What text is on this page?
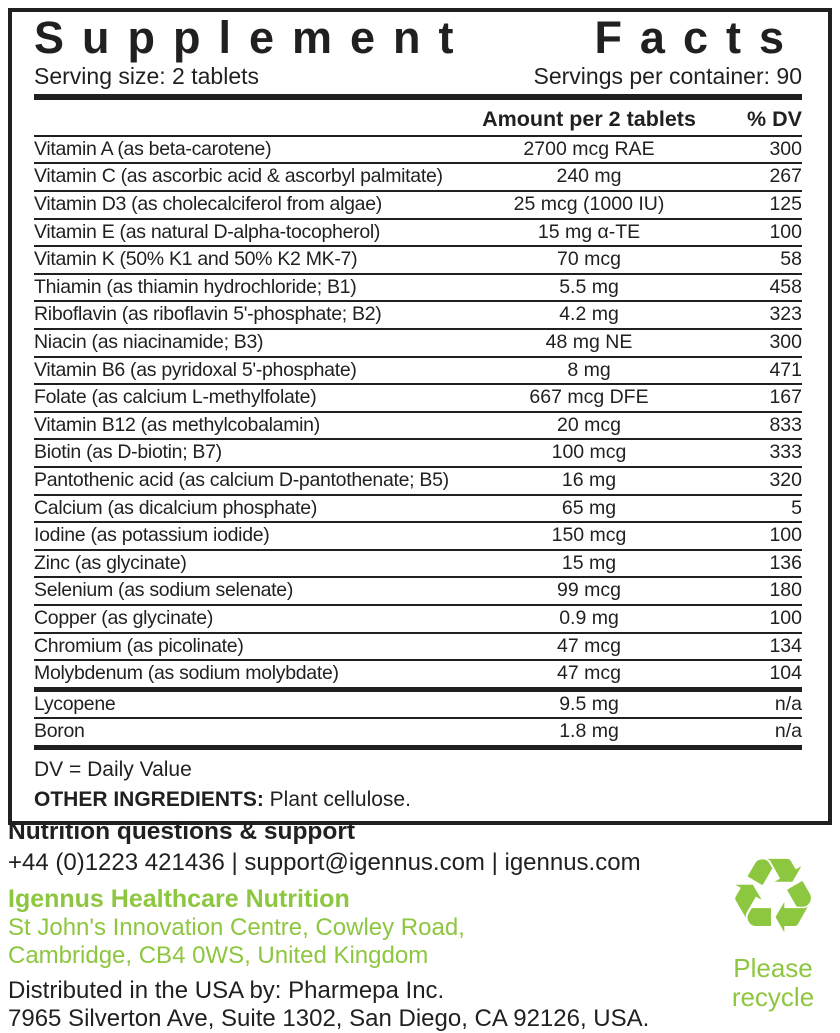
Supplement	Facts
Serving size: 2 tablets	Servings per container: 90
Amount per 2 tablets	% DV
Vitamin A (as beta-carotene)	2700 mcg RAE	300
Vitamin C (as ascorbic acid & ascorbyl palmitate)	240 mg	267
Vitamin D3 (as cholecalciferol from algae)	25 mcg (1000 IU)	125
Vitamin E (as natural D-alpha-tocopherol)	15 mg α-TE	100
Vitamin K (50% K1 and 50% K2 MK-7)	70 mcg	58
Thiamin (as thiamin hydrochloride; B1)	5.5 mg	458
Riboflavin (as riboflavin 5'-phosphate; B2)	4.2 mg	323
Niacin (as niacinamide; B3)	48 mg NE	300
Vitamin B6 (as pyridoxal 5'-phosphate)	8 mg	471
Folate (as calcium L-methylfolate)	667 mcg DFE	167
Vitamin B12 (as methylcobalamin)	20 mcg	833
Biotin (as D-biotin; B7)	100 mcg	333
Pantothenic acid (as calcium D-pantothenate; B5)	16 mg	320
Calcium (as dicalcium phosphate)	65 mg	5
Iodine (as potassium iodide)	150 mcg	100
Zinc (as glycinate)	15 mg	136
Selenium (as sodium selenate)	99 mcg	180
Copper (as glycinate)	0.9 mg	100
Chromium (as picolinate)	47 mcg	134
Molybdenum (as sodium molybdate)	47 mcg	104
Lycopene	9.5 mg	n/a
Boron	1.8 mg	n/a
DV = Daily Value
OTHER INGREDIENTS: Plant cellulose.
Nutrition questions & support
+44 (0)1223 421436 | support@igennus.com | igennus.com
Igennus Healthcare Nutrition
St John's Innovation Centre, Cowley Road,
Cambridge, CB4 0WS, United Kingdom
Distributed in the USA by: Pharmepa Inc.
7965 Silverton Ave, Suite 1302, San Diego, CA 92126, USA.
♻
Please
recycle
